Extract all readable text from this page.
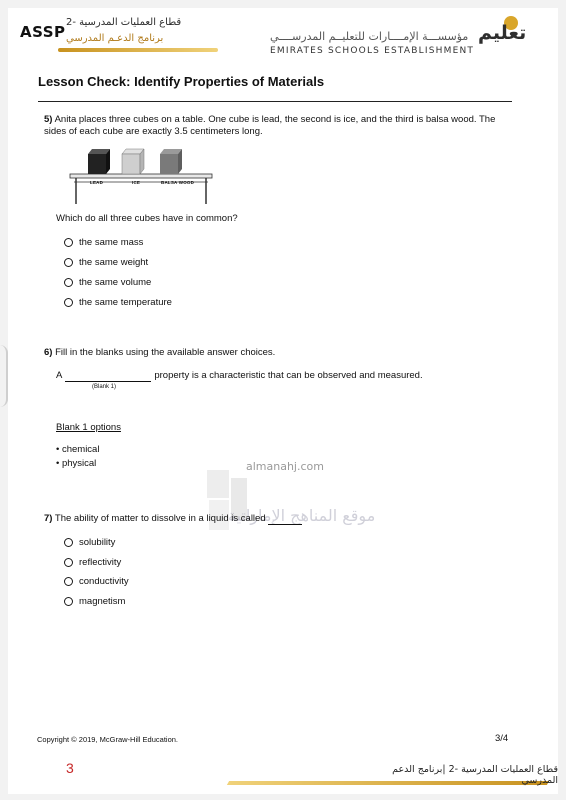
ASSP
قطاع العمليات المدرسية -2
برنامج الدعـم المدرسي	مؤسســـة الإمــــارات للتعليــم المدرســــي
EMIRATES SCHOOLS ESTABLISHMENT
تعليم
Lesson Check: Identify Properties of Materials
5) Anita places three cubes on a table. One cube is lead, the second is ice, and the third is balsa wood. The sides of each cube are exactly 3.5 centimeters long.
LEAD	ICE	BALSA WOOD
Which do all three cubes have in common?
the same mass
the same weight
the same volume
the same temperature
6) Fill in the blanks using the available answer choices.
A	property is a characteristic that can be observed and measured.
(Blank 1)
Blank 1 options
• chemical
• physical	almanahj.com
موقع المناهج الإماراتية
7) The ability of matter to dissolve in a liquid is called
solubility
reflectivity
conductivity
magnetism
Copyright © 2019, McGraw-Hill Education.	3/4
3	قطاع العمليات المدرسية -2 |برنامج الدعم المدرسي
